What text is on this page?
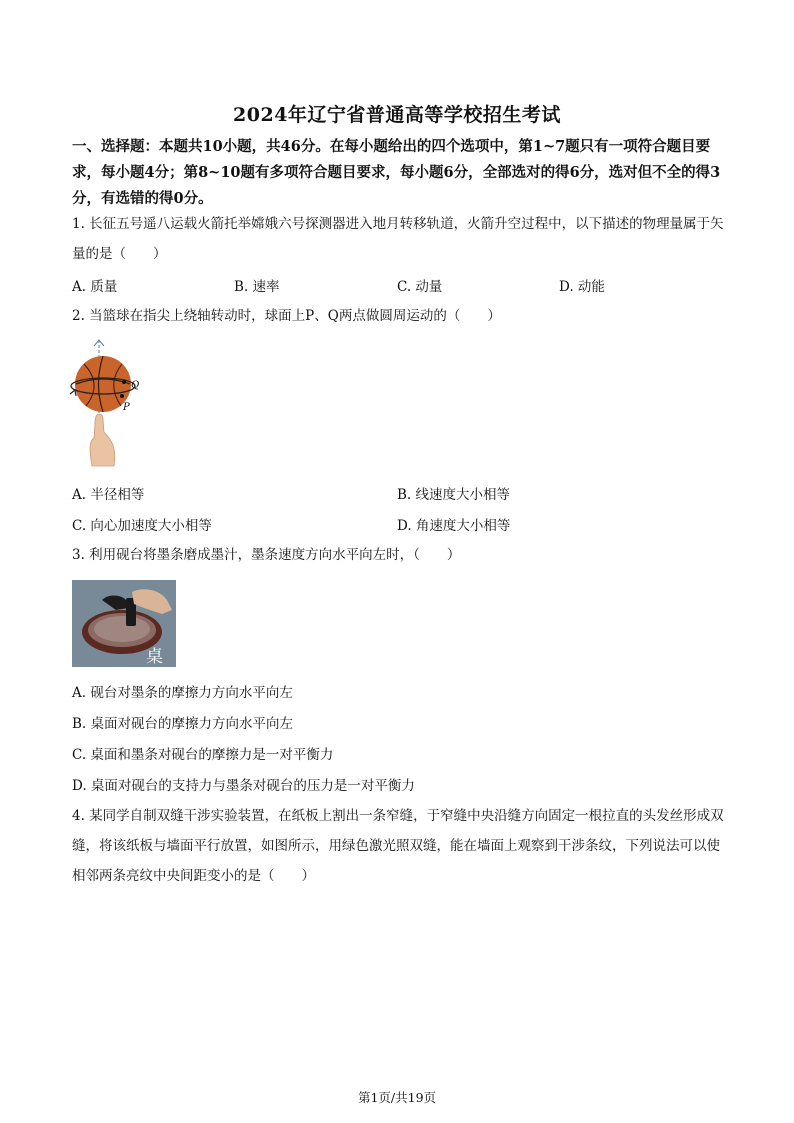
2024年辽宁省普通高等学校招生考试
一、选择题：本题共10小题，共46分。在每小题给出的四个选项中，第1~7题只有一项符合题目要求，每小题4分；第8~10题有多项符合题目要求，每小题6分，全部选对的得6分，选对但不全的得3分，有选错的得0分。
1. 长征五号遥八运载火箭托举嫦娥六号探测器进入地月转移轨道，火箭升空过程中，以下描述的物理量属于矢量的是（　　）
A. 质量	B. 速率	C. 动量	D. 动能
2. 当篮球在指尖上绕轴转动时，球面上P、Q两点做圆周运动的（　　）
Q
P
A. 半径相等	B. 线速度大小相等
C. 向心加速度大小相等	D. 角速度大小相等
3. 利用砚台将墨条磨成墨汁，墨条速度方向水平向左时，（　　）
桌
A. 砚台对墨条的摩擦力方向水平向左
B. 桌面对砚台的摩擦力方向水平向左
C. 桌面和墨条对砚台的摩擦力是一对平衡力
D. 桌面对砚台的支持力与墨条对砚台的压力是一对平衡力
4. 某同学自制双缝干涉实验装置，在纸板上割出一条窄缝，于窄缝中央沿缝方向固定一根拉直的头发丝形成双缝，将该纸板与墙面平行放置，如图所示，用绿色激光照双缝，能在墙面上观察到干涉条纹，下列说法可以使相邻两条亮纹中央间距变小的是（　　）
第1页/共19页
